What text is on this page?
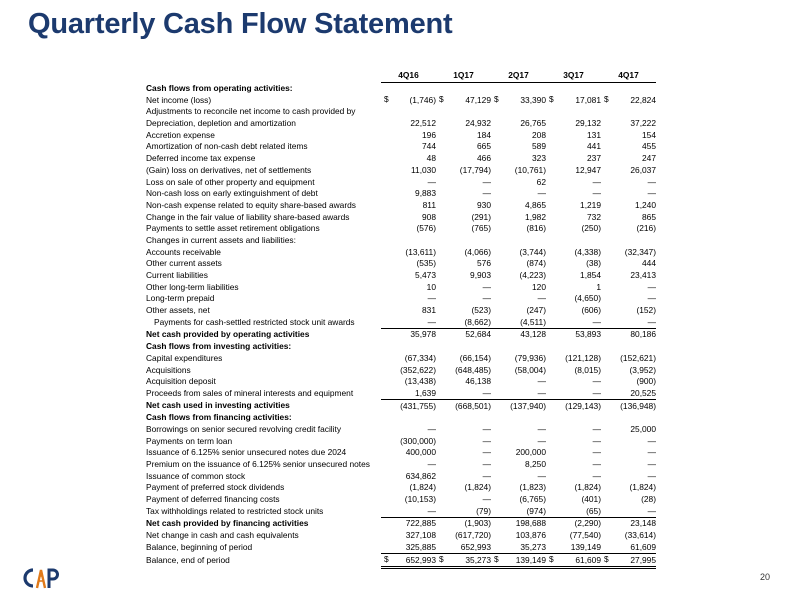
Quarterly Cash Flow Statement
	4Q16	1Q17	2Q17	3Q17	4Q17
Cash flows from operating activities:					
Net income (loss)	$ (1,746)	$ 47,129	$ 33,390	$ 17,081	$ 22,824
Adjustments to reconcile net income to cash provided by					
Depreciation, depletion and amortization	22,512	24,932	26,765	29,132	37,222
Accretion expense	196	184	208	131	154
Amortization of non-cash debt related items	744	665	589	441	455
Deferred income tax expense	48	466	323	237	247
(Gain) loss on derivatives, net of settlements	11,030	(17,794)	(10,761)	12,947	26,037
Loss on sale of other property and equipment	—	—	62	—	—
Non-cash loss on early extinguishment of debt	9,883	—	—	—	—
Non-cash expense related to equity share-based awards	811	930	4,865	1,219	1,240
Change in the fair value of liability share-based awards	908	(291)	1,982	732	865
Payments to settle asset retirement obligations	(576)	(765)	(816)	(250)	(216)
Changes in current assets and liabilities:					
Accounts receivable	(13,611)	(4,066)	(3,744)	(4,338)	(32,347)
Other current assets	(535)	576	(874)	(38)	444
Current liabilities	5,473	9,903	(4,223)	1,854	23,413
Other long-term liabilities	10	—	120	1	—
Long-term prepaid	—	—	—	(4,650)	—
Other assets, net	831	(523)	(247)	(606)	(152)
Payments for cash-settled restricted stock unit awards	—	(8,662)	(4,511)	—	—
Net cash provided by operating activities	35,978	52,684	43,128	53,893	80,186
Cash flows from investing activities:					
Capital expenditures	(67,334)	(66,154)	(79,936)	(121,128)	(152,621)
Acquisitions	(352,622)	(648,485)	(58,004)	(8,015)	(3,952)
Acquisition deposit	(13,438)	46,138	—	—	(900)
Proceeds from sales of mineral interests and equipment	1,639	—	—	—	20,525
Net cash used in investing activities	(431,755)	(668,501)	(137,940)	(129,143)	(136,948)
Cash flows from financing activities:					
Borrowings on senior secured revolving credit facility	—	—	—	—	25,000
Payments on term loan	(300,000)	—	—	—	—
Issuance of 6.125% senior unsecured notes due 2024	400,000	—	200,000	—	—
Premium on the issuance of 6.125% senior unsecured notes	—	—	8,250	—	—
Issuance of common stock	634,862	—	—	—	—
Payment of preferred stock dividends	(1,824)	(1,824)	(1,823)	(1,824)	(1,824)
Payment of deferred financing costs	(10,153)	—	(6,765)	(401)	(28)
Tax withholdings related to restricted stock units	—	(79)	(974)	(65)	—
Net cash provided by financing activities	722,885	(1,903)	198,688	(2,290)	23,148
Net change in cash and cash equivalents	327,108	(617,720)	103,876	(77,540)	(33,614)
Balance, beginning of period	325,885	652,993	35,273	139,149	61,609
Balance, end of period	$ 652,993	$ 35,273	$ 139,149	$ 61,609	$ 27,995
20
